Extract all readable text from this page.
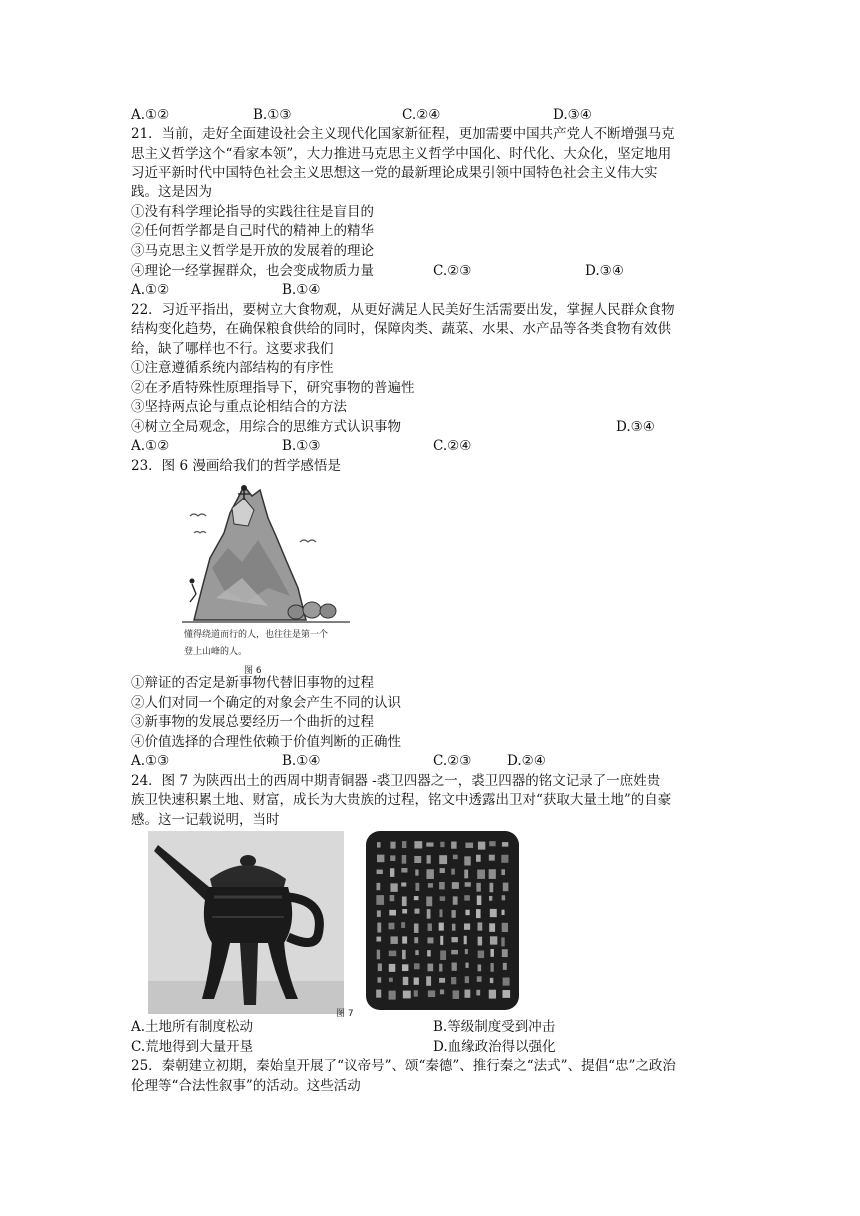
A.①②	B.①③	C.②④	D.③④
21．当前，走好全面建设社会主义现代化国家新征程，更加需要中国共产党人不断增强马克
思主义哲学这个“看家本领”，大力推进马克思主义哲学中国化、时代化、大众化，坚定地用
习近平新时代中国特色社会主义思想这一党的最新理论成果引领中国特色社会主义伟大实
践。这是因为
①没有科学理论指导的实践往往是盲目的
②任何哲学都是自己时代的精神上的精华
③马克思主义哲学是开放的发展着的理论
④理论一经掌握群众，也会变成物质力量	C.②③	D.③④
A.①②	B.①④
22．习近平指出，要树立大食物观，从更好满足人民美好生活需要出发，掌握人民群众食物
结构变化趋势，在确保粮食供给的同时，保障肉类、蔬菜、水果、水产品等各类食物有效供
给，缺了哪样也不行。这要求我们
①注意遵循系统内部结构的有序性
②在矛盾特殊性原理指导下，研究事物的普遍性
③坚持两点论与重点论相结合的方法
④树立全局观念，用综合的思维方式认识事物	D.③④
A.①②	B.①③	C.②④
23．图 6 漫画给我们的哲学感悟是
懂得绕道而行的人，也往往是第一个
登上山峰的人。
图 6
①辩证的否定是新事物代替旧事物的过程
②人们对同一个确定的对象会产生不同的认识
③新事物的发展总要经历一个曲折的过程
④价值选择的合理性依赖于价值判断的正确性
A.①③	B.①④	C.②③	D.②④
24．图 7 为陕西出土的西周中期青铜器 -裘卫四器之一，裘卫四器的铭文记录了一庶姓贵
族卫快速积累土地、财富，成长为大贵族的过程，铭文中透露出卫对“获取大量土地”的自豪
感。这一记载说明，当时
图 7
A.土地所有制度松动	B.等级制度受到冲击
C.荒地得到大量开垦	D.血缘政治得以强化
25．秦朝建立初期，秦始皇开展了“议帝号”、颂“秦德”、推行秦之“法式”、提倡“忠”之政治
伦理等“合法性叙事”的活动。这些活动
